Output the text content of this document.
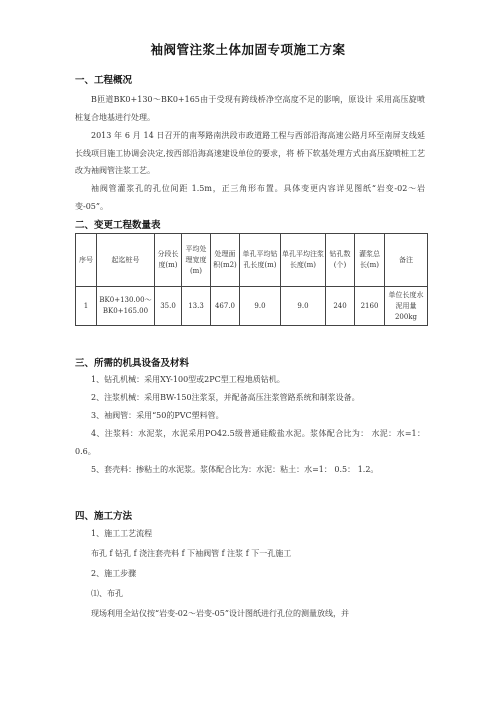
袖阀管注浆土体加固专项施工方案
一、工程概况
B匝道BK0+130～BK0+165由于受现有跨线桥净空高度不足的影响，原设计 采用高压旋喷桩复合地基进行处理。
2013 年 6 月 14 日召开的南琴路南洪段市政道路工程与西部沿海高速公路月环至南屏支线延长线项目施工协调会决定,按西部沿海高速建设单位的要求，将 桥下软基处理方式由高压旋喷桩工艺改为袖阀管注浆工艺。
二、变更工程数量表
序号	起迄桩号	分段长度(m)	平均处理宽度(m)	处理面积(m2)	单孔平均钻孔长度(m)	单孔平均注浆长度(m)	钻孔数(个)	灌浆总长(m)	备注
1	BK0+130.00～BK0+165.00	35.0	13.3	467.0	9.0	9.0	240	2160	单位长度水泥用量200kg
三、所需的机具设备及材料
1、钻孔机械：采用XY-100型或2PC型工程地质钻机。
2、注浆机械：采用BW-150注浆泵，并配备高压注浆管路系统和制浆设备。
3、袖阀管：采用“50的PVC塑料管。
4、注浆料：水泥浆，水泥采用PO42.5级普通硅酸盐水泥。浆体配合比为： 水泥：水=1： 0.6。
5、套壳料：掺粘土的水泥浆。浆体配合比为：水泥：粘土：水=1： 0.5： 1.2。
四、施工方法
1、施工工艺流程
布孔 f 钻孔 f 浇注套壳料 f 下袖阀管 f 注浆 f 下一孔施工
2、施工步骤
⑴、布孔
现场利用全站仪按“岩变-02～岩变-05”设计图纸进行孔位的测量放线，并
袖阀管灌浆孔的孔位间距 1.5m，正三角形布置。具体变更内容详见图纸“岩变-02～岩变-05”。
